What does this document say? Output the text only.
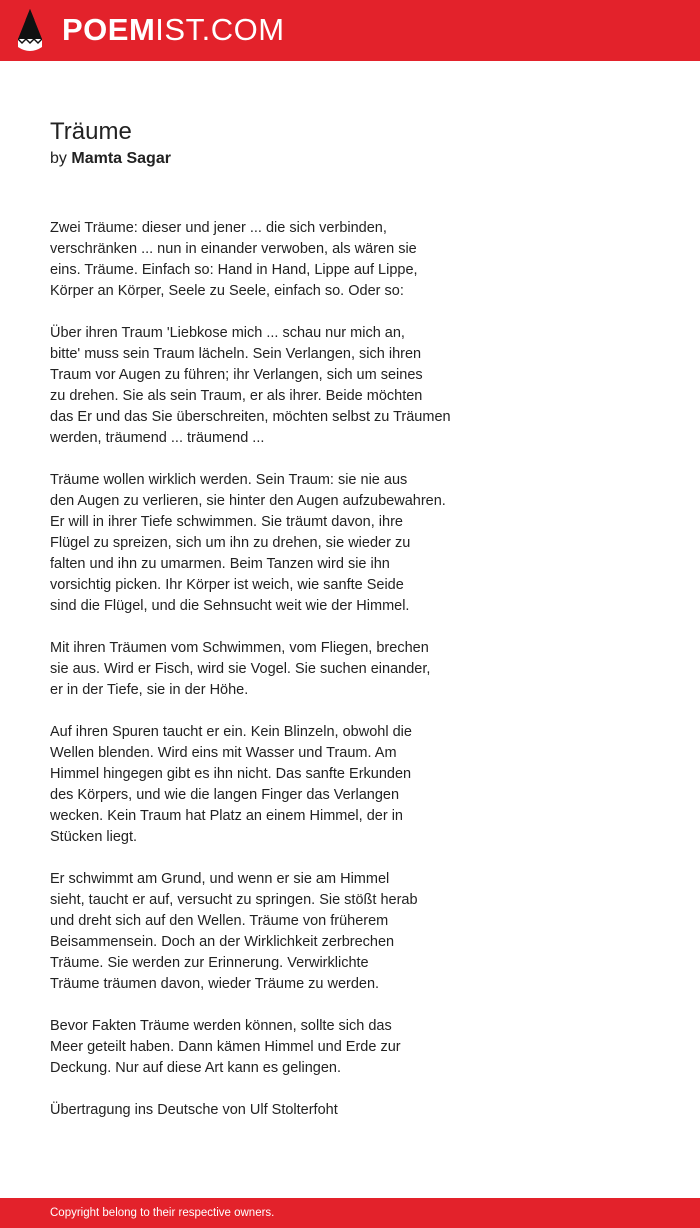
POEMIST.COM
Träume
by Mamta Sagar
Zwei Träume: dieser und jener ... die sich verbinden,
verschränken ... nun in einander verwoben, als wären sie
eins. Träume. Einfach so: Hand in Hand, Lippe auf Lippe,
Körper an Körper, Seele zu Seele, einfach so. Oder so:
Über ihren Traum 'Liebkose mich ... schau nur mich an,
bitte' muss sein Traum lächeln. Sein Verlangen, sich ihren
Traum vor Augen zu führen; ihr Verlangen, sich um seines
zu drehen. Sie als sein Traum, er als ihrer. Beide möchten
das Er und das Sie überschreiten, möchten selbst zu Träumen
werden, träumend ... träumend ...
Träume wollen wirklich werden. Sein Traum: sie nie aus
den Augen zu verlieren, sie hinter den Augen aufzubewahren.
Er will in ihrer Tiefe schwimmen. Sie träumt davon, ihre
Flügel zu spreizen, sich um ihn zu drehen, sie wieder zu
falten und ihn zu umarmen. Beim Tanzen wird sie ihn
vorsichtig picken. Ihr Körper ist weich, wie sanfte Seide
sind die Flügel, und die Sehnsucht weit wie der Himmel.
Mit ihren Träumen vom Schwimmen, vom Fliegen, brechen
sie aus. Wird er Fisch, wird sie Vogel. Sie suchen einander,
er in der Tiefe, sie in der Höhe.
Auf ihren Spuren taucht er ein. Kein Blinzeln, obwohl die
Wellen blenden. Wird eins mit Wasser und Traum. Am
Himmel hingegen gibt es ihn nicht. Das sanfte Erkunden
des Körpers, und wie die langen Finger das Verlangen
wecken. Kein Traum hat Platz an einem Himmel, der in
Stücken liegt.
Er schwimmt am Grund, und wenn er sie am Himmel
sieht, taucht er auf, versucht zu springen. Sie stößt herab
und dreht sich auf den Wellen. Träume von früherem
Beisammensein. Doch an der Wirklichkeit zerbrechen
Träume. Sie werden zur Erinnerung. Verwirklichte
Träume träumen davon, wieder Träume zu werden.
Bevor Fakten Träume werden können, sollte sich das
Meer geteilt haben. Dann kämen Himmel und Erde zur
Deckung. Nur auf diese Art kann es gelingen.
Übertragung ins Deutsche von Ulf Stolterfoht
Copyright belong to their respective owners.
